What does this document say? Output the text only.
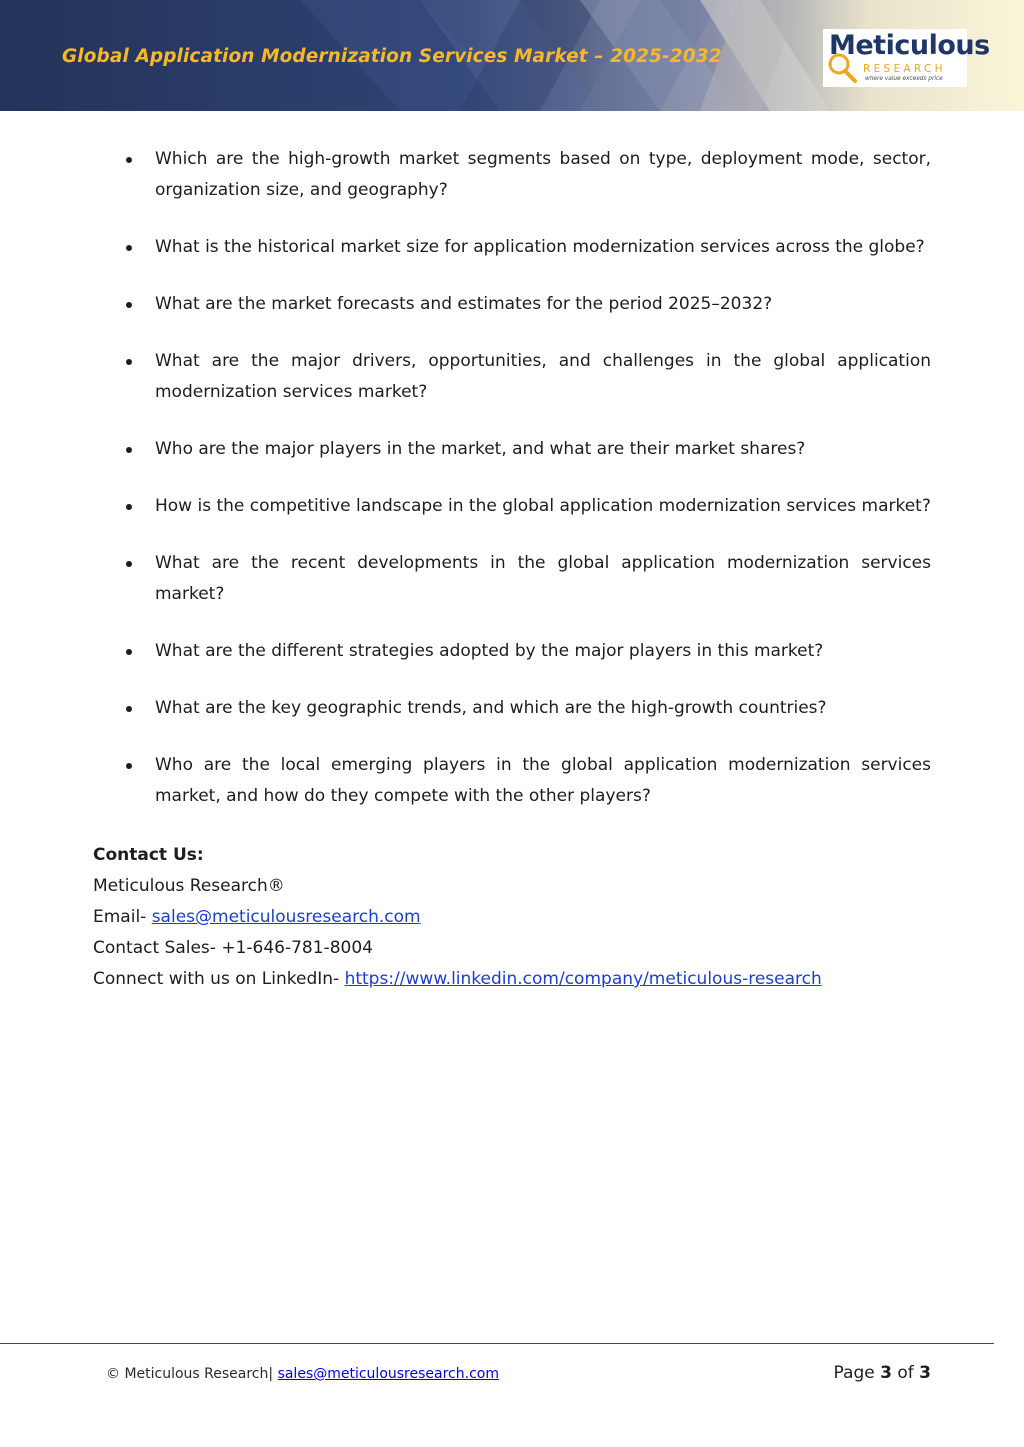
Global Application Modernization Services Market – 2025-2032	Meticulous
RESEARCH
where value exceeds price
Which are the high-growth market segments based on type, deployment mode, sector, organization size, and geography?
What is the historical market size for application modernization services across the globe?
What are the market forecasts and estimates for the period 2025–2032?
What are the major drivers, opportunities, and challenges in the global application modernization services market?
Who are the major players in the market, and what are their market shares?
How is the competitive landscape in the global application modernization services market?
What are the recent developments in the global application modernization services market?
What are the different strategies adopted by the major players in this market?
What are the key geographic trends, and which are the high-growth countries?
Who are the local emerging players in the global application modernization services market, and how do they compete with the other players?
Contact Us:
Meticulous Research®
Email- sales@meticulousresearch.com
Contact Sales- +1-646-781-8004
Connect with us on LinkedIn- https://www.linkedin.com/company/meticulous-research
© Meticulous Research| sales@meticulousresearch.com	Page 3 of 3
